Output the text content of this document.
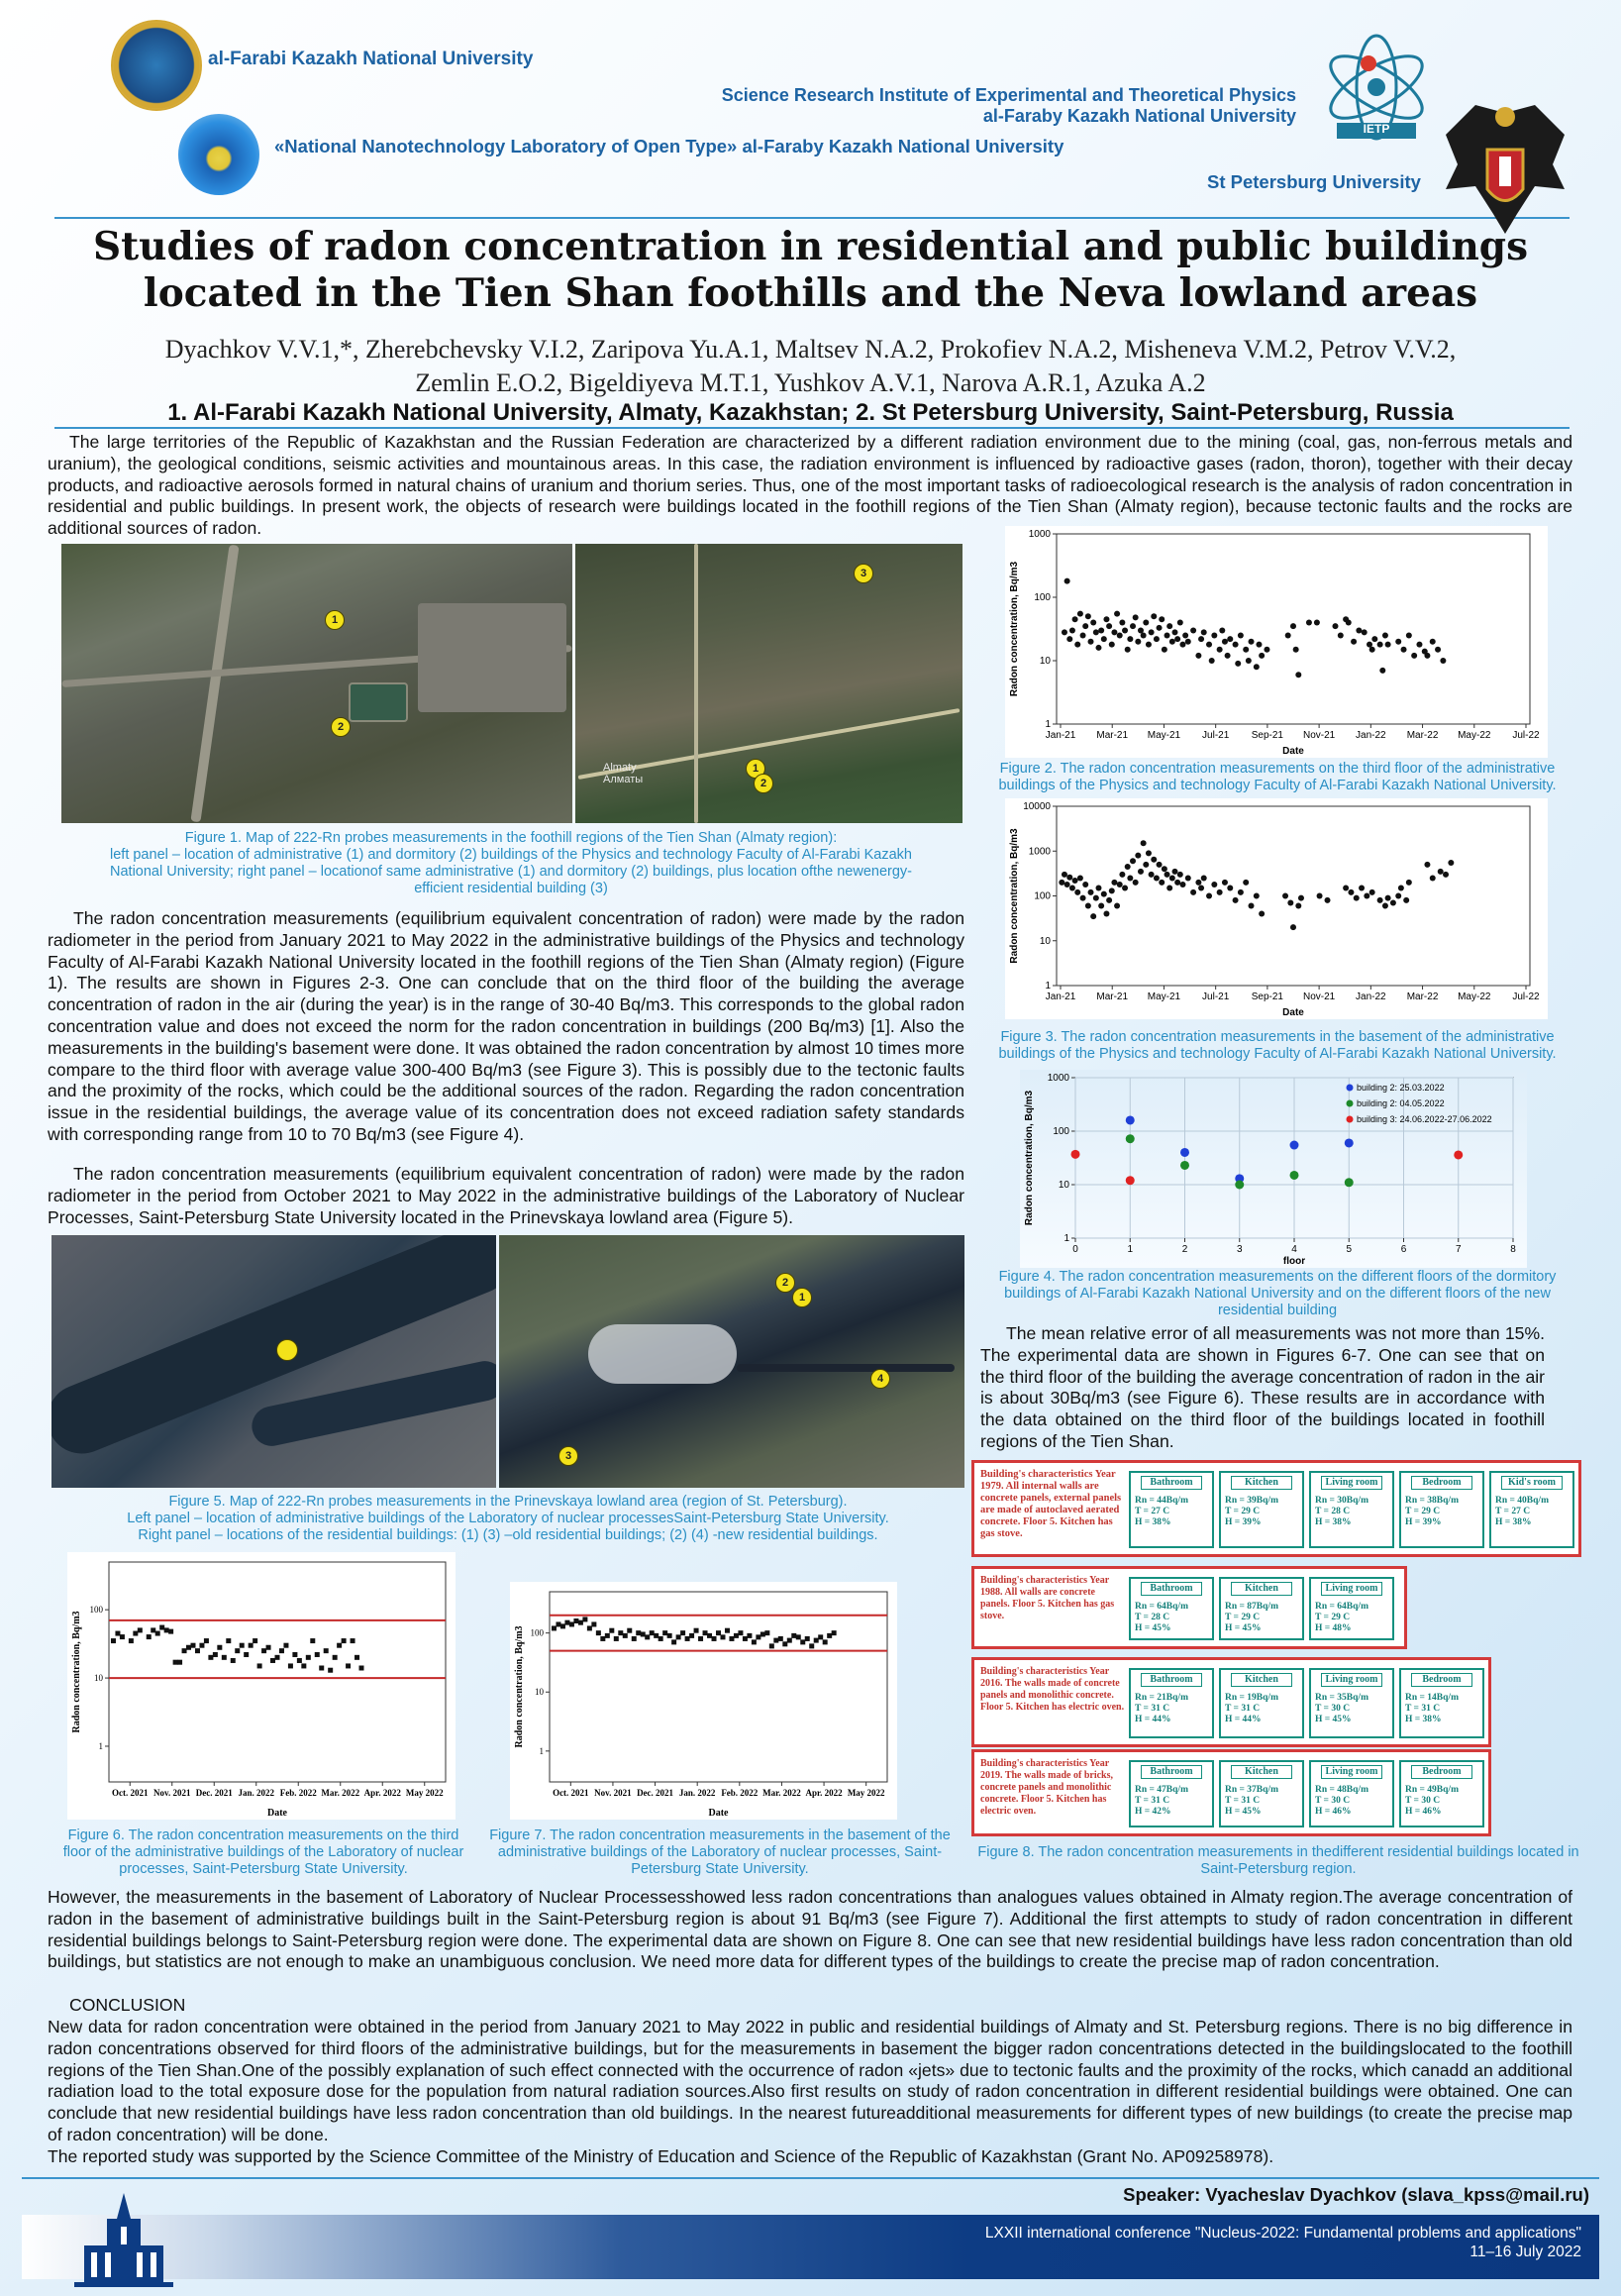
al-Farabi Kazakh National University
«National Nanotechnology Laboratory of Open Type» al-Faraby Kazakh National University
Science Research Institute of Experimental and Theoretical Physics
al-Faraby Kazakh National University
IЕТР
St Petersburg University
Studies of radon concentration in residential and public buildings
located in the Tien Shan foothills and the Neva lowland areas
Dyachkov V.V.1,*, Zherebchevsky V.I.2, Zaripova Yu.A.1, Maltsev N.A.2, Prokofiev N.A.2, Misheneva V.M.2, Petrov V.V.2,
Zemlin E.O.2, Bigeldiyeva M.T.1, Yushkov A.V.1, Narova A.R.1, Azuka A.2
1. Al-Farabi Kazakh National University, Almaty, Kazakhstan; 2. St Petersburg University, Saint-Petersburg, Russia
The large territories of the Republic of Kazakhstan and the Russian Federation are characterized by a different radiation environment due to the mining (coal, gas, non-ferrous metals and uranium), the geological conditions, seismic activities and mountainous areas. In this case, the radiation environment is influenced by radioactive gases (radon, thoron), together with their decay products, and radioactive aerosols formed in natural chains of uranium and thorium series. Thus, one of the most important tasks of radioecological research is the analysis of radon concentration in residential and public buildings. In present work, the objects of research were buildings located in the foothill regions of the Tien Shan (Almaty region), because tectonic faults and the rocks are additional sources of radon.
1
2
Almaty
Алматы
3
1
2
Figure 1. Map of 222-Rn probes measurements in the foothill regions of the Tien Shan (Almaty region):
left panel – location of administrative (1) and dormitory (2) buildings of the Physics and technology Faculty of Al-Farabi Kazakh National University; right panel – locationof same administrative (1) and dormitory (2) buildings, plus location ofthe newenergy-efficient residential building (3)
The radon concentration measurements (equilibrium equivalent concentration of radon) were made by the radon radiometer in the period from January 2021 to May 2022 in the administrative buildings of the Physics and technology Faculty of Al-Farabi Kazakh National University located in the foothill regions of the Tien Shan (Almaty region) (Figure 1). The results are shown in Figures 2-3. One can conclude that on the third floor of the building the average concentration of radon in the air (during the year) is in the range of 30-40 Bq/m3. This corresponds to the global radon concentration value and does not exceed the norm for the radon concentration in buildings (200 Bq/m3) [1]. Also the measurements in the building's basement were done. It was obtained the radon concentration by almost 10 times more compare to the third floor with average value 300-400 Bq/m3 (see Figure 3). This is possibly due to the tectonic faults and the proximity of the rocks, which could be the additional sources of the radon. Regarding the radon concentration issue in the residential buildings, the average value of its concentration does not exceed radiation safety standards with corresponding range from 10 to 70 Bq/m3 (see Figure 4).
The radon concentration measurements (equilibrium equivalent concentration of radon) were made by the radon radiometer in the period from October 2021 to May 2022 in the administrative buildings of the Laboratory of Nuclear Processes, Saint-Petersburg State University located in the Prinevskaya lowland area (Figure 5).
2
1
4
3
Figure 5. Map of 222-Rn probes measurements in the Prinevskaya lowland area (region of St. Petersburg).
Left panel – location of administrative buildings of the Laboratory of nuclear processesSaint-Petersburg State University.
Right panel – locations of the residential buildings: (1) (3) –old residential buildings; (2) (4) -new residential buildings.
1
10
100
Oct. 2021 Nov. 2021 Dec. 2021 Jan. 2022 Feb. 2022 Mar. 2022 Apr. 2022 May 2022
Date
Radon concentration, Bq/m3
Figure 6. The radon concentration measurements on the third floor of the administrative buildings of the Laboratory of nuclear processes, Saint-Petersburg State University.
1
10
100
Oct. 2021 Nov. 2021 Dec. 2021 Jan. 2022 Feb. 2022 Mar. 2022 Apr. 2022 May 2022
Date
Radon concentration, Bq/m3
Figure 7. The radon concentration measurements in the basement of the administrative buildings of the Laboratory of nuclear processes, Saint-Petersburg State University.
1
10
100
1000
Jan-21 Mar-21 May-21 Jul-21 Sep-21 Nov-21 Jan-22 Mar-22 May-22 Jul-22
Date
Radon concentration, Bq/m3
Figure 2. The radon concentration measurements on the third floor of the administrative buildings of the Physics and technology Faculty of Al-Farabi Kazakh National University.
1
10
100
1000
10000
Jan-21 Mar-21 May-21 Jul-21 Sep-21 Nov-21 Jan-22 Mar-22 May-22 Jul-22
Date
Radon concentration, Bq/m3
Figure 3. The radon concentration measurements in the basement of the administrative buildings of the Physics and technology Faculty of Al-Farabi Kazakh National University.
1
10
100
1000
0	1	2	3	4	5	6	7	8
floor
Radon concentration, Bq/m3
building 2: 25.03.2022
building 2: 04.05.2022
building 3: 24.06.2022-27.06.2022
Figure 4. The radon concentration measurements on the different floors of the dormitory buildings of Al-Farabi Kazakh National University and on the different floors of the new residential building
The mean relative error of all measurements was not more than 15%. The experimental data are shown in Figures 6-7. One can see that on the third floor of the building the average concentration of radon in the air is about 30Bq/m3 (see Figure 6). These results are in accordance with the data obtained on the third floor of the buildings located in foothill regions of the Tien Shan.
Building's characteristics Year 1979. All internal walls are concrete panels, external panels are made of autoclaved aerated concrete. Floor 5. Kitchen has gas stove.
Bathroom
Rn = 44Bq/m
T = 27 C
H = 38%
Kitchen
Rn = 39Bq/m
T = 29 C
H = 39%
Living room
Rn = 30Bq/m
T = 28 C
H = 38%
Bedroom
Rn = 38Bq/m
T = 29 C
H = 39%
Kid's room
Rn = 40Bq/m
T = 27 C
H = 38%
Building's characteristics Year 1988. All walls are concrete panels. Floor 5. Kitchen has gas stove.
Bathroom
Rn = 64Bq/m
T = 28 C
H = 45%
Kitchen
Rn = 87Bq/m
T = 29 C
H = 45%
Living room
Rn = 64Bq/m
T = 29 C
H = 48%
Building's characteristics Year 2016. The walls made of concrete panels and monolithic concrete. Floor 5. Kitchen has electric oven.
Bathroom
Rn = 21Bq/m
T = 31 C
H = 44%
Kitchen
Rn = 19Bq/m
T = 31 C
H = 44%
Living room
Rn = 35Bq/m
T = 30 C
H = 45%
Bedroom
Rn = 14Bq/m
T = 31 C
H = 38%
Building's characteristics Year 2019. The walls made of bricks, concrete panels and monolithic concrete. Floor 5. Kitchen has electric oven.
Bathroom
Rn = 47Bq/m
T = 31 C
H = 42%
Kitchen
Rn = 37Bq/m
T = 31 C
H = 45%
Living room
Rn = 48Bq/m
T = 30 C
H = 46%
Bedroom
Rn = 49Bq/m
T = 30 C
H = 46%
Figure 8. The radon concentration measurements in thedifferent residential buildings located in Saint-Petersburg region.
However, the measurements in the basement of Laboratory of Nuclear Processesshowed less radon concentrations than analogues values obtained in Almaty region.The average concentration of radon in the basement of administrative buildings built in the Saint-Petersburg region is about 91 Bq/m3 (see Figure 7). Additional the first attempts to study of radon concentration in different residential buildings belongs to Saint-Petersburg region were done. The experimental data are shown on Figure 8. One can see that new residential buildings have less radon concentration than old buildings, but statistics are not enough to make an unambiguous conclusion. We need more data for different types of the buildings to create the precise map of radon concentration.
CONCLUSION
New data for radon concentration were obtained in the period from January 2021 to May 2022 in public and residential buildings of Almaty and St. Petersburg regions. There is no big difference in radon concentrations observed for third floors of the administrative buildings, but for the measurements in basement the bigger radon concentrations detected in the buildingslocated to the foothill regions of the Tien Shan.One of the possibly explanation of such effect connected with the occurrence of radon «jets» due to tectonic faults and the proximity of the rocks, which canadd an additional radiation load to the total exposure dose for the population from natural radiation sources.Also first results on study of radon concentration in different residential buildings were obtained. One can conclude that new residential buildings have less radon concentration than old buildings. In the nearest futureadditional measurements for different types of new buildings (to create the precise map of radon concentration) will be done.
The reported study was supported by the Science Committee of the Ministry of Education and Science of the Republic of Kazakhstan (Grant No. AP09258978).
Speaker: Vyacheslav Dyachkov (slava_kpss@mail.ru)
LXXII international conference "Nucleus-2022: Fundamental problems and applications"
11–16 July 2022
